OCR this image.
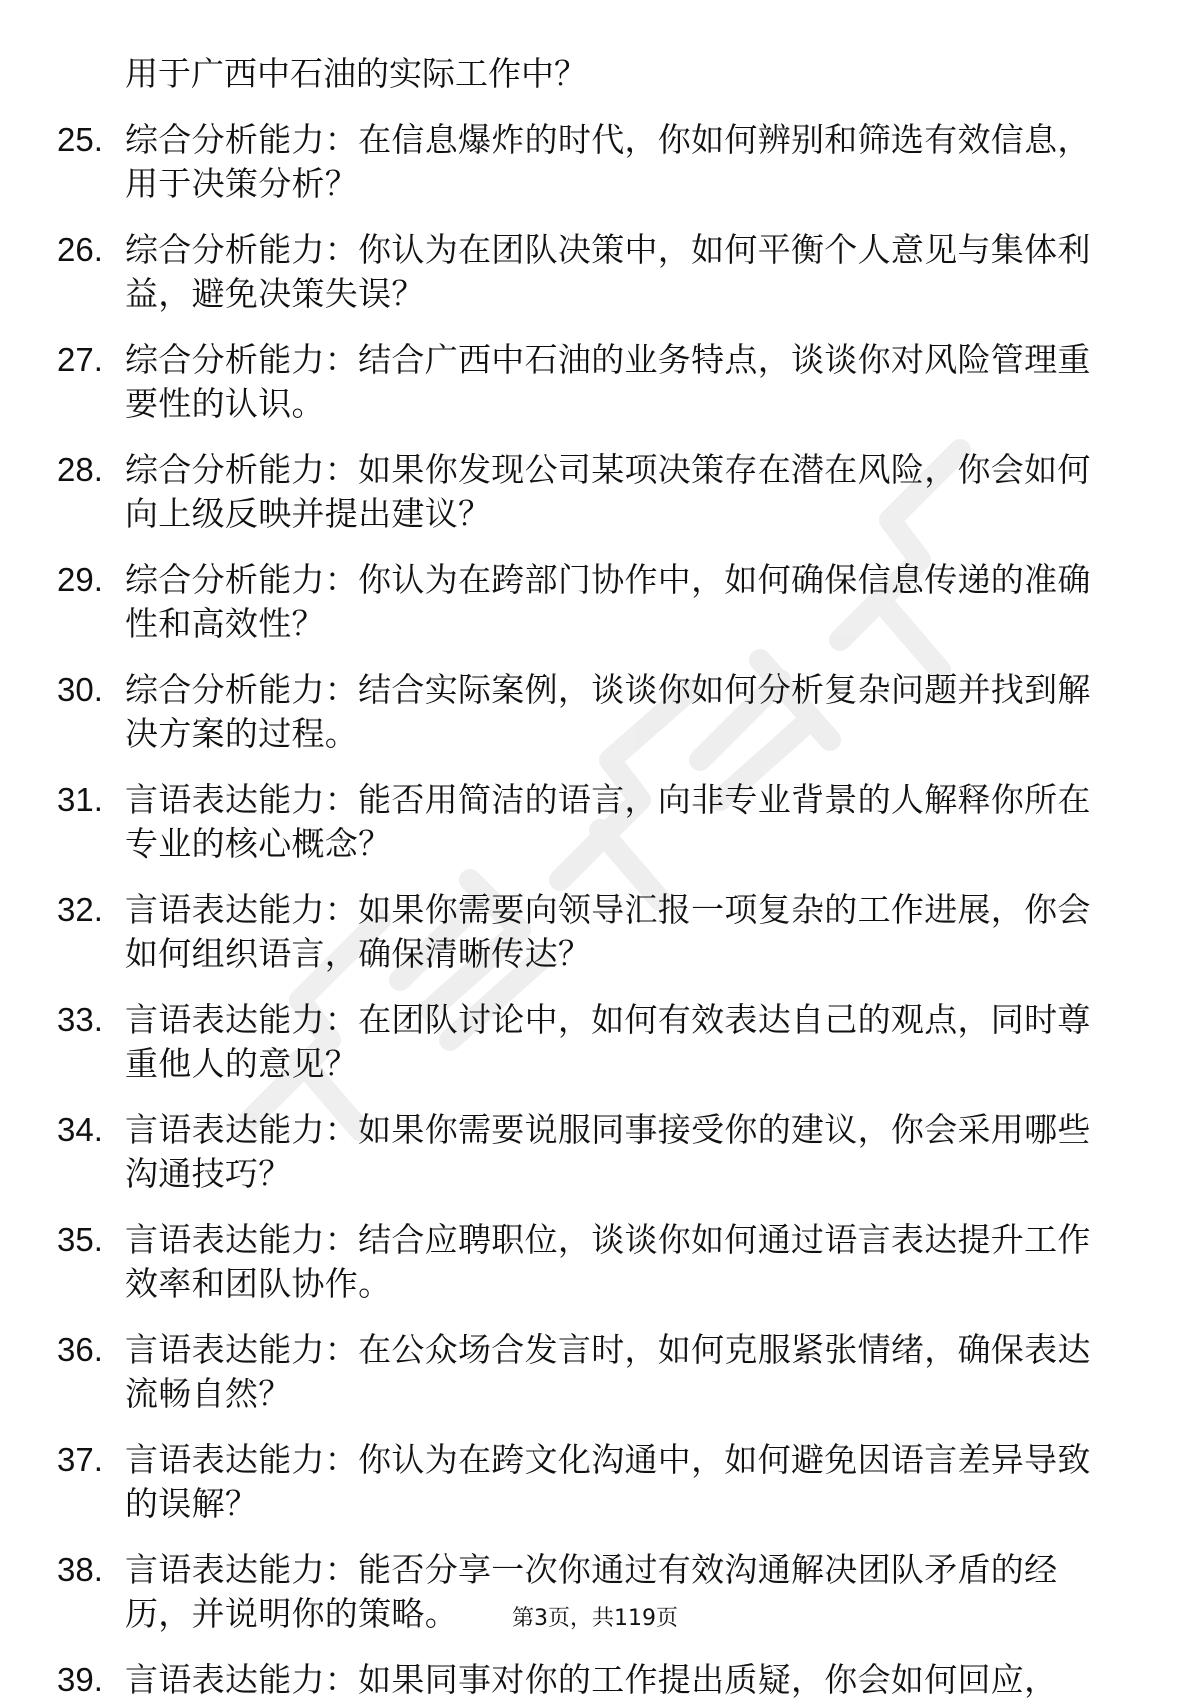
用于广西中石油的实际工作中？
25. 综合分析能力：在信息爆炸的时代，你如何辨别和筛选有效信息，用于决策分析？
26. 综合分析能力：你认为在团队决策中，如何平衡个人意见与集体利益，避免决策失误？
27. 综合分析能力：结合广西中石油的业务特点，谈谈你对风险管理重要性的认识。
28. 综合分析能力：如果你发现公司某项决策存在潜在风险，你会如何向上级反映并提出建议？
29. 综合分析能力：你认为在跨部门协作中，如何确保信息传递的准确性和高效性？
30. 综合分析能力：结合实际案例，谈谈你如何分析复杂问题并找到解决方案的过程。
31. 言语表达能力：能否用简洁的语言，向非专业背景的人解释你所在专业的核心概念？
32. 言语表达能力：如果你需要向领导汇报一项复杂的工作进展，你会如何组织语言，确保清晰传达？
33. 言语表达能力：在团队讨论中，如何有效表达自己的观点，同时尊重他人的意见？
34. 言语表达能力：如果你需要说服同事接受你的建议，你会采用哪些沟通技巧？
35. 言语表达能力：结合应聘职位，谈谈你如何通过语言表达提升工作效率和团队协作。
36. 言语表达能力：在公众场合发言时，如何克服紧张情绪，确保表达流畅自然？
37. 言语表达能力：你认为在跨文化沟通中，如何避免因语言差异导致的误解？
38. 言语表达能力：能否分享一次你通过有效沟通解决团队矛盾的经历，并说明你的策略。
39. 言语表达能力：如果同事对你的工作提出质疑，你会如何回应，
第3页，共119页
